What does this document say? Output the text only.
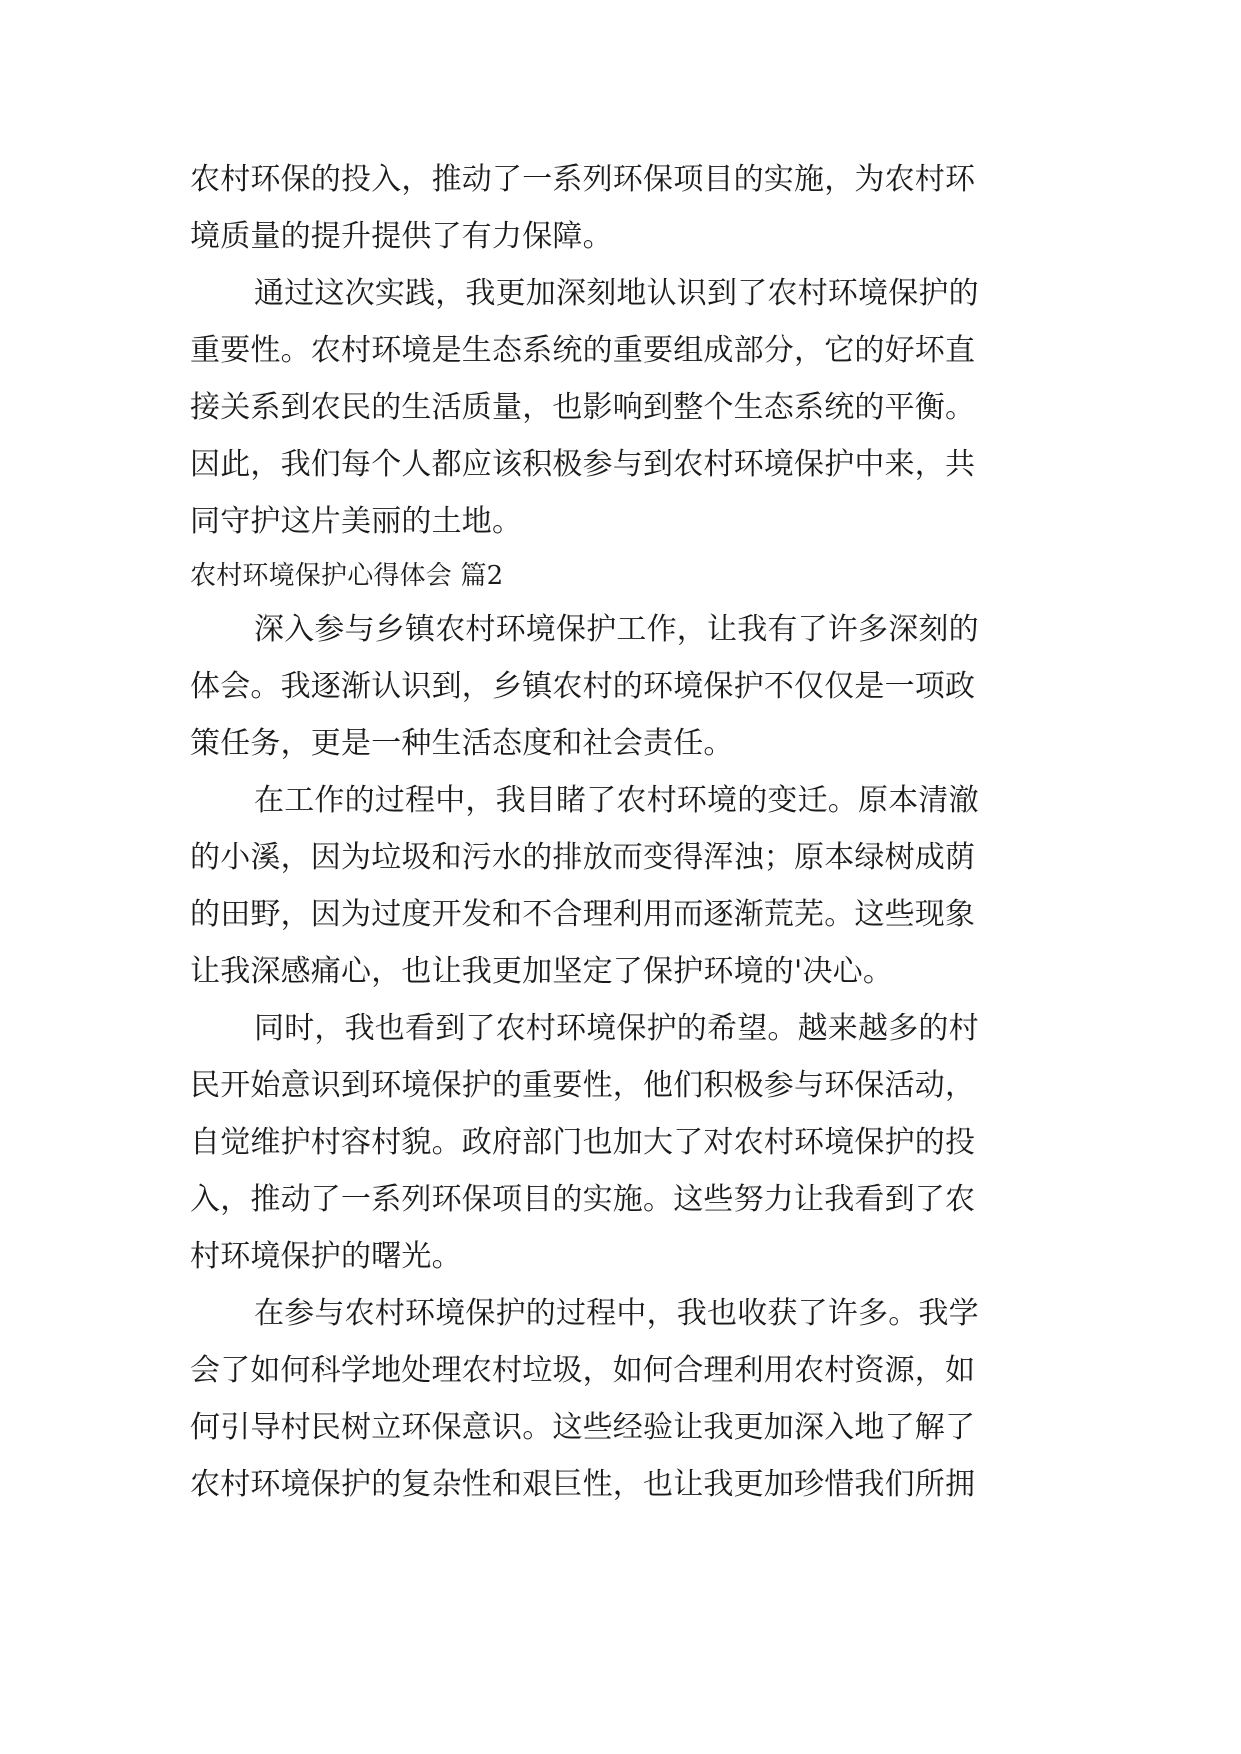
农村环保的投入，推动了一系列环保项目的实施，为农村环
境质量的提升提供了有力保障。
通过这次实践，我更加深刻地认识到了农村环境保护的
重要性。农村环境是生态系统的重要组成部分，它的好坏直
接关系到农民的生活质量，也影响到整个生态系统的平衡。
因此，我们每个人都应该积极参与到农村环境保护中来，共
同守护这片美丽的土地。
农村环境保护心得体会 篇2
深入参与乡镇农村环境保护工作，让我有了许多深刻的
体会。我逐渐认识到，乡镇农村的环境保护不仅仅是一项政
策任务，更是一种生活态度和社会责任。
在工作的过程中，我目睹了农村环境的变迁。原本清澈
的小溪，因为垃圾和污水的排放而变得浑浊；原本绿树成荫
的田野，因为过度开发和不合理利用而逐渐荒芜。这些现象
让我深感痛心，也让我更加坚定了保护环境的'决心。
同时，我也看到了农村环境保护的希望。越来越多的村
民开始意识到环境保护的重要性，他们积极参与环保活动，
自觉维护村容村貌。政府部门也加大了对农村环境保护的投
入，推动了一系列环保项目的实施。这些努力让我看到了农
村环境保护的曙光。
在参与农村环境保护的过程中，我也收获了许多。我学
会了如何科学地处理农村垃圾，如何合理利用农村资源，如
何引导村民树立环保意识。这些经验让我更加深入地了解了
农村环境保护的复杂性和艰巨性，也让我更加珍惜我们所拥
